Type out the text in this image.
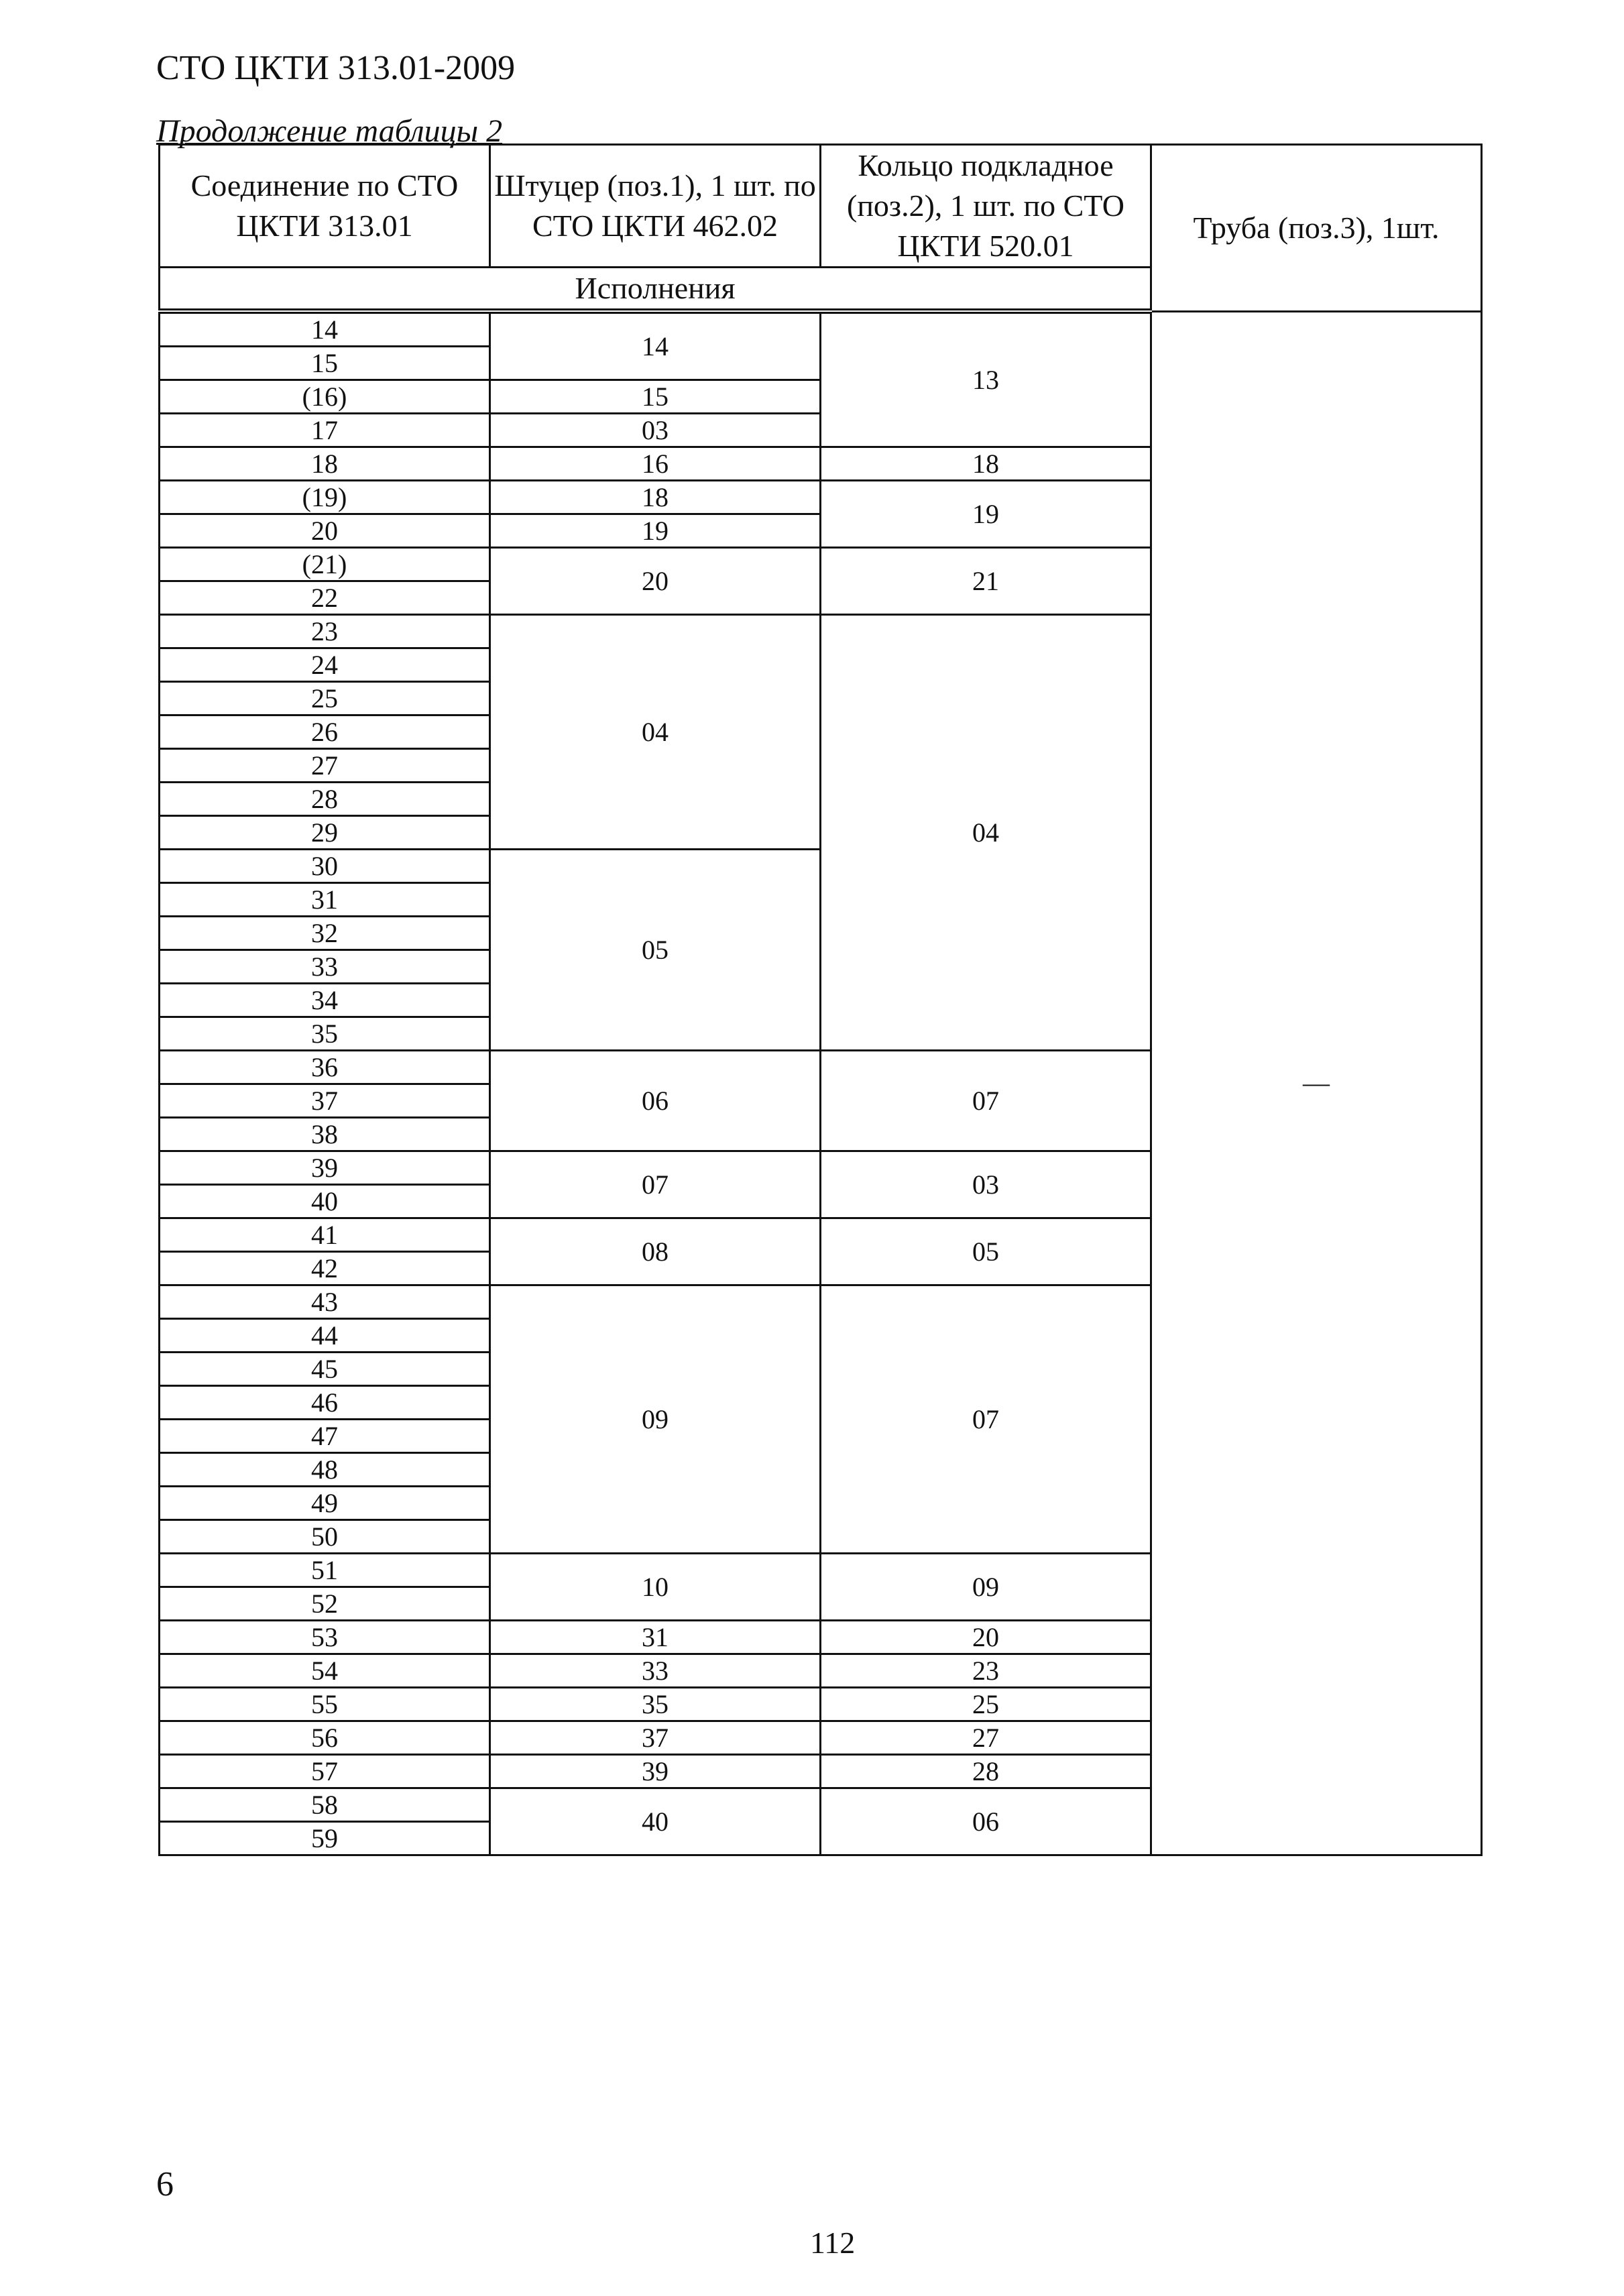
СТО ЦКТИ 313.01-2009
Продолжение таблицы 2
Соединение по СТО ЦКТИ 313.01	Штуцер (поз.1), 1 шт. по СТО ЦКТИ 462.02	Кольцо подкладное (поз.2), 1 шт. по СТО ЦКТИ 520.01	Труба (поз.3), 1шт.
Исполнения			
14	14	13	—
15			
(16)	15		
17	03		
18	16	18	
(19)	18	19	
20	19		
(21)	20	21	
22			
23	04	04	
24			
25			
26			
27			
28			
29			
30	05		
31			
32			
33			
34			
35			
36	06	07	
37			
38			
39	07	03	
40			
41	08	05	
42			
43	09	07	
44			
45			
46			
47			
48			
49			
50			
51	10	09	
52			
53	31	20	
54	33	23	
55	35	25	
56	37	27	
57	39	28	
58	40	06	
59			
6
112
